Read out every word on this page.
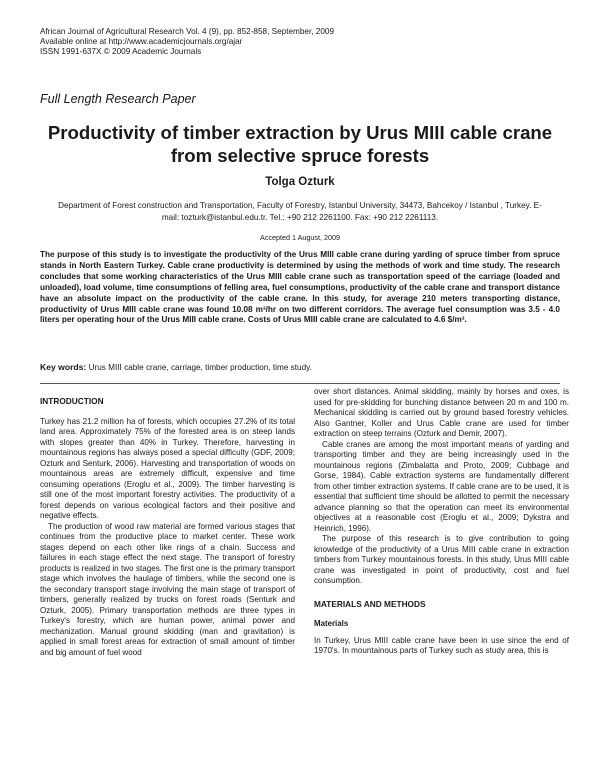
African Journal of Agricultural Research Vol. 4 (9), pp. 852-858, September, 2009
Available online at http://www.academicjournals.org/ajar
ISSN 1991-637X © 2009 Academic Journals
Full Length Research Paper
Productivity of timber extraction by Urus MIII cable crane from selective spruce forests
Tolga Ozturk
Department of Forest construction and Transportation, Faculty of Forestry, Istanbul University, 34473, Bahcekoy / Istanbul , Turkey. E-mail: tozturk@istanbul.edu.tr. Tel.: +90 212 2261100. Fax: +90 212 2261113.
Accepted 1 August, 2009
The purpose of this study is to investigate the productivity of the Urus MIII cable crane during yarding of spruce timber from spruce stands in North Eastern Turkey. Cable crane productivity is determined by using the methods of work and time study. The research concludes that some working characteristics of the Urus MIII cable crane such as transportation speed of the carriage (loaded and unloaded), load volume, time consumptions of felling area, fuel consumptions, productivity of the cable crane and transport distance have an absolute impact on the productivity of the cable crane. In this study, for average 210 meters transporting distance, productivity of Urus MIII cable crane was found 10.08 m³/hr on two different corridors. The average fuel consumption was 3.5 - 4.0 liters per operating hour of the Urus MIII cable crane. Costs of Urus MIII cable crane are calculated to 4.6 $/m³.
Key words: Urus MIII cable crane, carriage, timber production, time study.
INTRODUCTION

Turkey has 21.2 million ha of forests, which occupies 27.2% of its total land area. Approximately 75% of the forested area is on steep lands with slopes greater than 40% in Turkey. Therefore, harvesting in mountainous regions has always posed a special difficulty (GDF, 2009; Ozturk and Senturk, 2006). Harvesting and transportation of woods on mountainous areas are extremely difficult, expensive and time consuming operations (Eroglu et al., 2009). The timber harvesting is still one of the most important forestry activities. The productivity of a forest depends on various ecological factors and their positive and negative effects.

The production of wood raw material are formed various stages that continues from the productive place to market center. These work stages depend on each other like rings of a chain. Success and failures in each stage effect the next stage. The transport of forestry products is realized in two stages. The first one is the primary transport stage which involves the haulage of timbers, while the second one is the secondary transport stage involving the main stage of transport of timbers, generally realized by trucks on forest roads (Senturk and Ozturk, 2005). Primary transportation methods are three types in Turkey's forestry, which are human power, animal power and mechanization. Manual ground skidding (man and gravitation) is applied in small forest areas for extraction of small amount of timber and big amount of fuel wood

over short distances. Animal skidding, mainly by horses and oxes, is used for pre-skidding for bunching distance between 20 m and 100 m. Mechanical skidding is carried out by ground based forestry vehicles. Also Gantner, Koller and Urus Cable crane are used for timber extraction on steep terrains (Ozturk and Demir, 2007).

Cable cranes are among the most important means of yarding and transporting timber and they are being increasingly used in the mountainous regions (Zimbalatta and Proto, 2009; Cubbage and Gorse, 1984). Cable extraction systems are fundamentally different from other timber extraction systems. If cable crane are to be used, it is essential that sufficient time should be allotted to permit the necessary advance planning so that the operation can meet its environmental objectives at a reasonable cost (Eroglu et al., 2009; Dykstra and Heinrich, 1996).

The purpose of this research is to give contribution to going knowledge of the productivity of a Urus MIII cable crane in extraction timbers from Turkey mountainous forests. In this study, Urus MIII cable crane was investigated in point of productivity, cost and fuel consumption.

MATERIALS AND METHODS
Materials

In Turkey, Urus MIII cable crane have been in use since the end of 1970's. In mountainous parts of Turkey such as study area, this is
